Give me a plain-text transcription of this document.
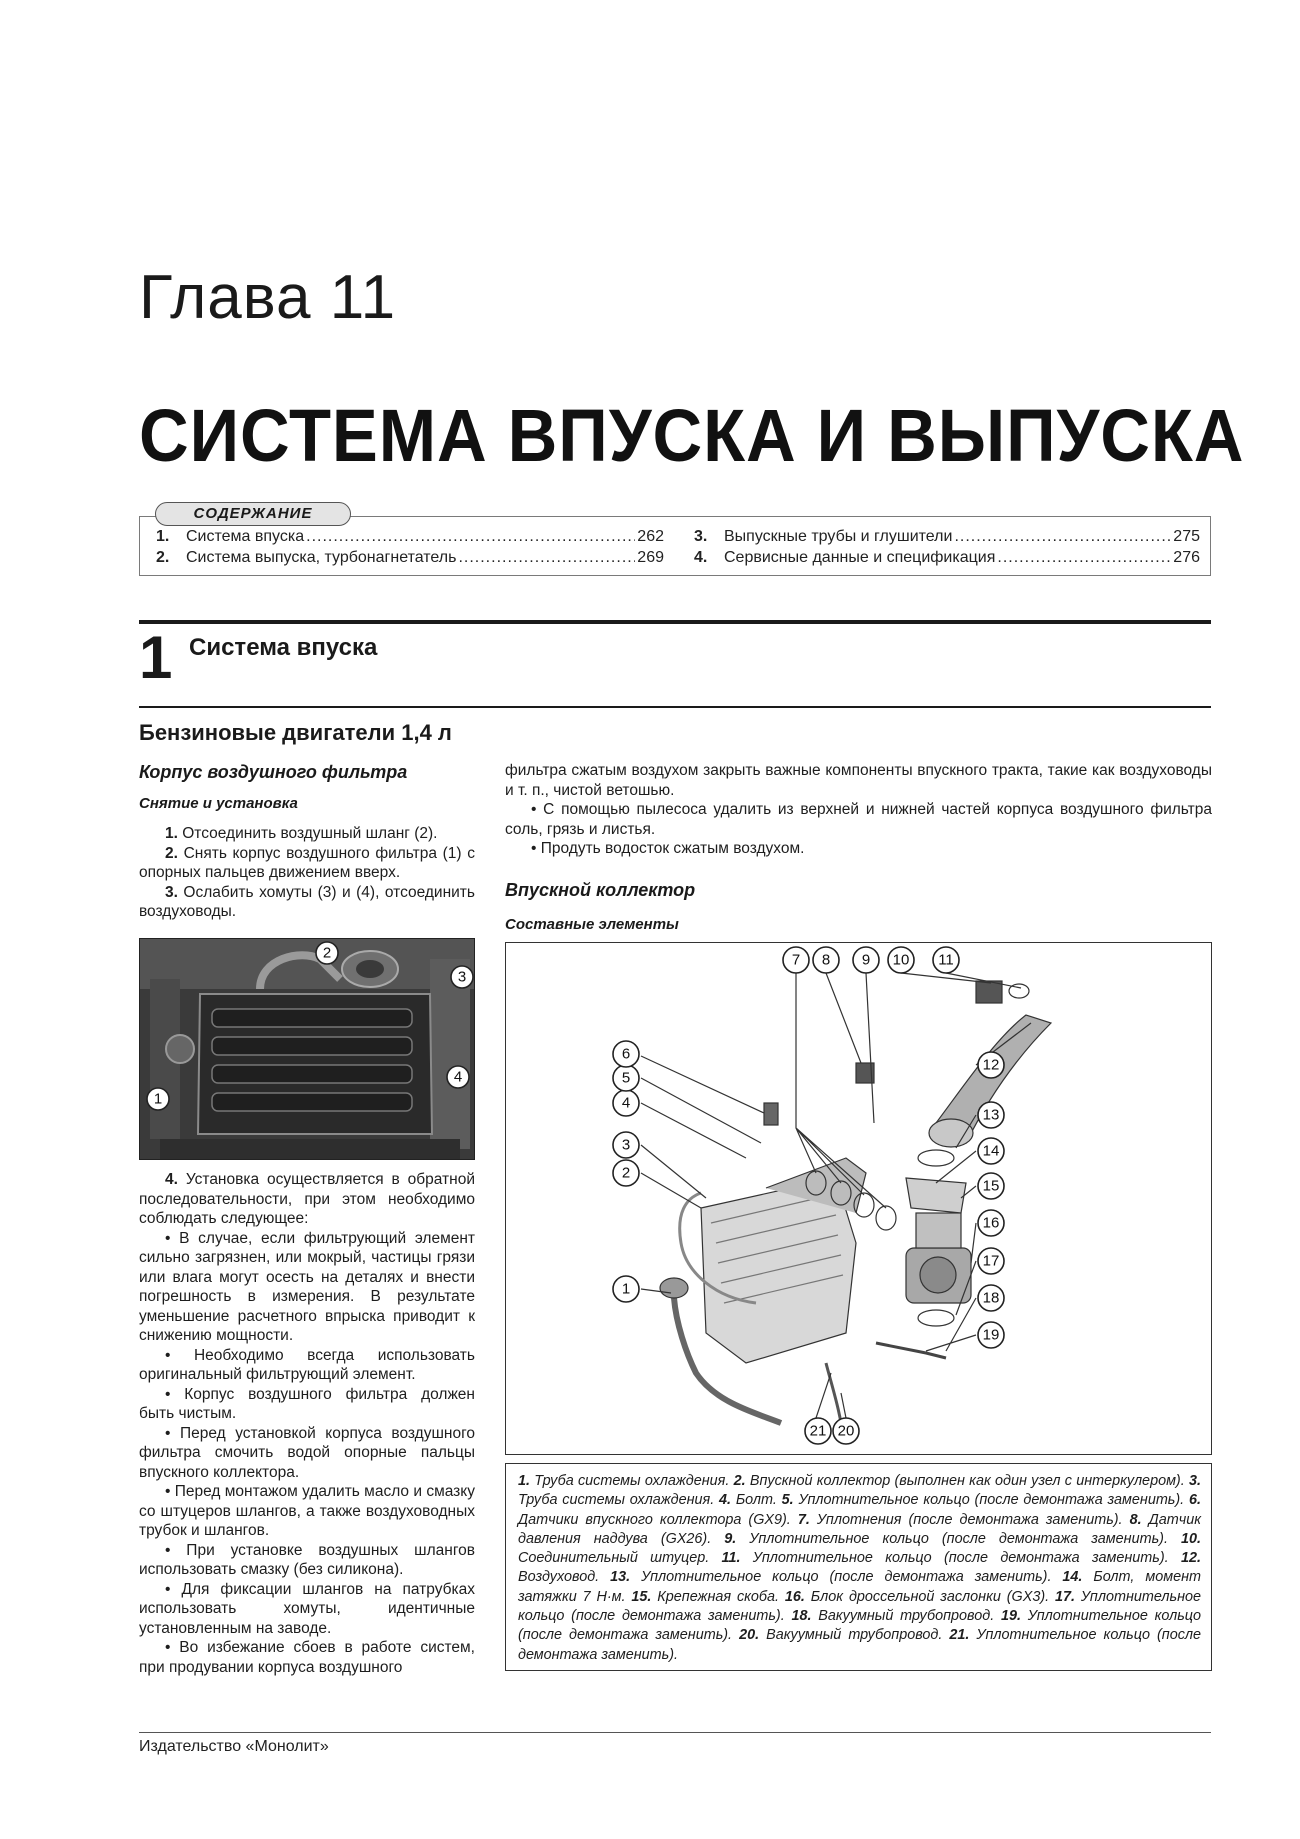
Глава 11
СИСТЕМА ВПУСКА И ВЫПУСКА
СОДЕРЖАНИЕ
1.	Система впуска .....	262
2.	Система выпуска, турбонагнетатель .....	269
3.	Выпускные трубы и глушители .....	275
4.	Сервисные данные и спецификация .....	276
1 Система впуска
Бензиновые двигатели 1,4 л
Корпус воздушного фильтра
Снятие и установка

1. Отсоединить воздушный шланг (2).

2. Снять корпус воздушного фильтра (1) с опорных пальцев движением вверх.

3. Ослабить хомуты (3) и (4), отсоединить воздуховоды.

1
2
3
4

4. Установка осуществляется в обратной последовательности, при этом необходимо соблюдать следующее:

• В случае, если фильтрующий элемент сильно загрязнен, или мокрый, частицы грязи или влага могут осесть на деталях и внести погрешность в измерения. В результате уменьшение расчетного впрыска приводит к снижению мощности.

• Необходимо всегда использовать оригинальный фильтрующий элемент.

• Корпус воздушного фильтра должен быть чистым.

• Перед установкой корпуса воздушного фильтра смочить водой опорные пальцы впускного коллектора.

• Перед монтажом удалить масло и смазку со штуцеров шлангов, а также воздуховодных трубок и шлангов.

• При установке воздушных шлангов использовать смазку (без силикона).

• Для фиксации шлангов на патрубках использовать хомуты, идентичные установленным на заводе.

• Во избежание сбоев в работе систем, при продувании корпуса воздушного

фильтра сжатым воздухом закрыть важные компоненты впускного тракта, такие как воздуховоды и т. п., чистой ветошью.

• С помощью пылесоса удалить из верхней и нижней частей корпуса воздушного фильтра соль, грязь и листья.

• Продуть водосток сжатым воздухом.

Впускной коллектор
Составные элементы
1
2
3
4
5
6
7 8 9 10 11
12
13
14
15
16
17
18
19
20
21
1. Труба системы охлаждения. 2. Впускной коллектор (выполнен как один узел с интеркулером). 3. Труба системы охлаждения. 4. Болт. 5. Уплотнительное кольцо (после демонтажа заменить). 6. Датчики впускного коллектора (GX9). 7. Уплотнения (после демонтажа заменить). 8. Датчик давления наддува (GX26). 9. Уплотнительное кольцо (после демонтажа заменить). 10. Соединительный штуцер. 11. Уплотнительное кольцо (после демонтажа заменить). 12. Воздуховод. 13. Уплотнительное кольцо (после демонтажа заменить). 14. Болт, момент затяжки 7 Н·м. 15. Крепежная скоба. 16. Блок дроссельной заслонки (GX3). 17. Уплотнительное кольцо (после демонтажа заменить). 18. Вакуумный трубопровод. 19. Уплотнительное кольцо (после демонтажа заменить). 20. Вакуумный трубопровод. 21. Уплотнительное кольцо (после демонтажа заменить).
Издательство «Монолит»
